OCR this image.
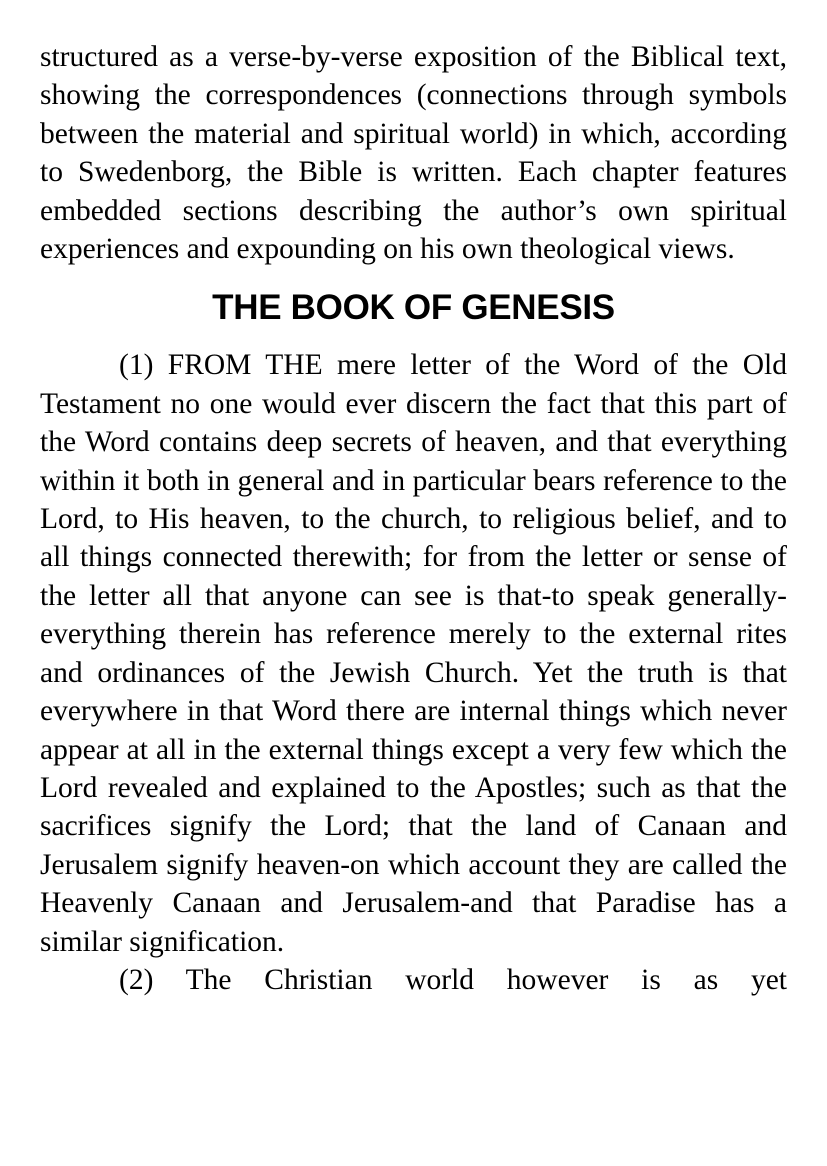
structured as a verse-by-verse exposition of the Biblical text, showing the correspondences (connections through symbols between the material and spiritual world) in which, according to Swedenborg, the Bible is written. Each chapter features embedded sections describing the author’s own spiritual experiences and expounding on his own theological views.

THE BOOK OF GENESIS

(1) FROM THE mere letter of the Word of the Old Testament no one would ever discern the fact that this part of the Word contains deep secrets of heaven, and that everything within it both in general and in particular bears reference to the Lord, to His heaven, to the church, to religious belief, and to all things connected therewith; for from the letter or sense of the letter all that anyone can see is that-to speak generally-everything therein has reference merely to the external rites and ordinances of the Jewish Church. Yet the truth is that everywhere in that Word there are internal things which never appear at all in the external things except a very few which the Lord revealed and explained to the Apostles; such as that the sacrifices signify the Lord; that the land of Canaan and Jerusalem signify heaven-on which account they are called the Heavenly Canaan and Jerusalem-and that Paradise has a similar signification.

(2) The Christian world however is as yet
